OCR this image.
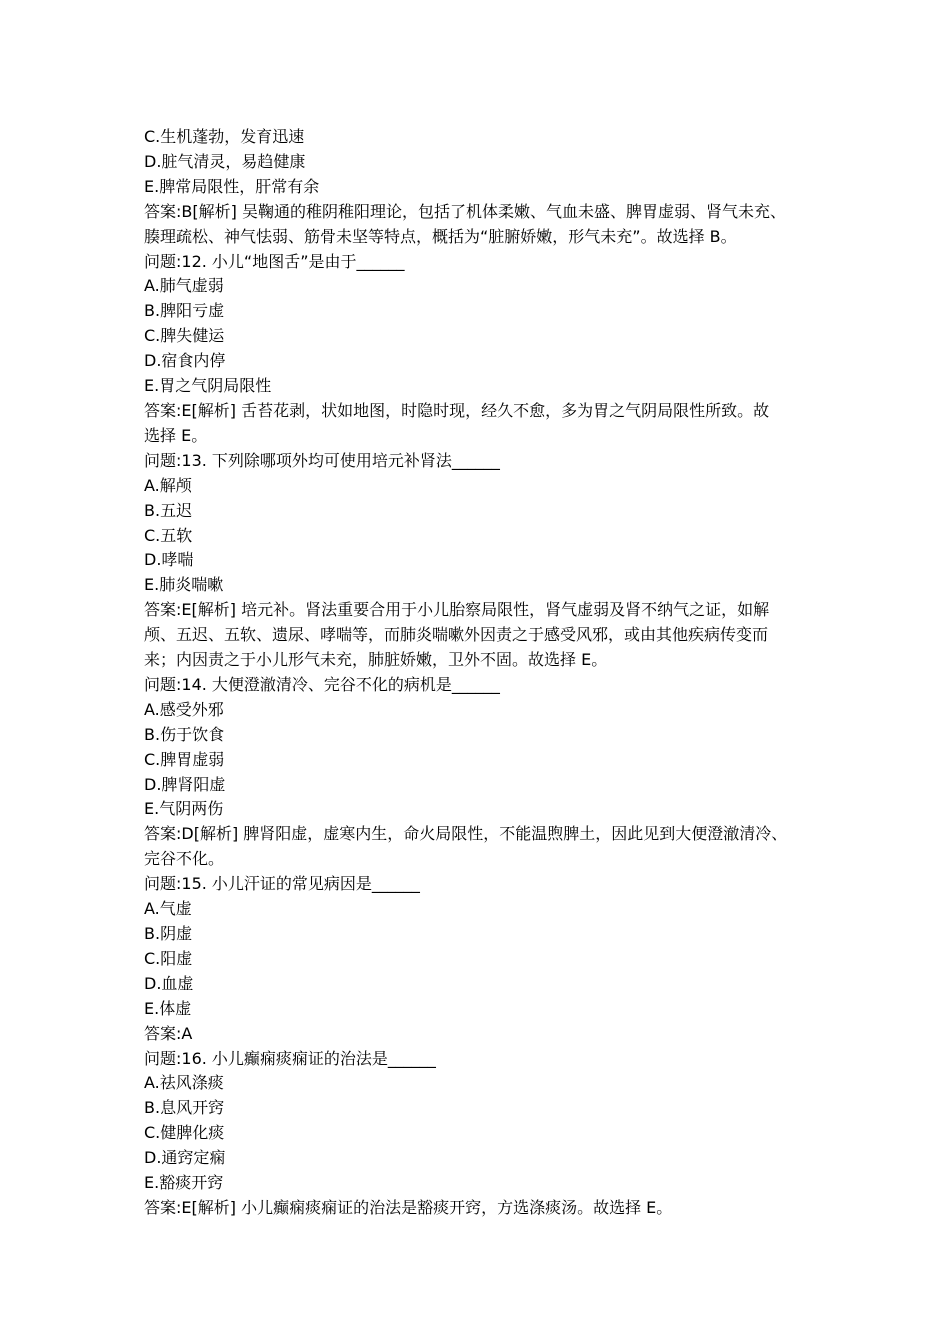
C.生机蓬勃，发育迅速
D.脏气清灵，易趋健康
E.脾常局限性，肝常有余
答案:B[解析] 吴鞠通的稚阴稚阳理论，包括了机体柔嫩、气血未盛、脾胃虚弱、肾气未充、
腠理疏松、神气怯弱、筋骨未坚等特点，概括为“脏腑娇嫩，形气未充”。故选择 B。
问题:12. 小儿“地图舌”是由于______
A.肺气虚弱
B.脾阳亏虚
C.脾失健运
D.宿食内停
E.胃之气阴局限性
答案:E[解析] 舌苔花剥，状如地图，时隐时现，经久不愈，多为胃之气阴局限性所致。故
选择 E。
问题:13. 下列除哪项外均可使用培元补肾法______
A.解颅
B.五迟
C.五软
D.哮喘
E.肺炎喘嗽
答案:E[解析] 培元补。肾法重要合用于小儿胎察局限性，肾气虚弱及肾不纳气之证，如解
颅、五迟、五软、遗尿、哮喘等，而肺炎喘嗽外因责之于感受风邪，或由其他疾病传变而
来；内因责之于小儿形气未充，肺脏娇嫩，卫外不固。故选择 E。
问题:14. 大便澄澈清冷、完谷不化的病机是______
A.感受外邪
B.伤于饮食
C.脾胃虚弱
D.脾肾阳虚
E.气阴两伤
答案:D[解析] 脾肾阳虚，虚寒内生，命火局限性，不能温煦脾土，因此见到大便澄澈清冷、
完谷不化。
问题:15. 小儿汗证的常见病因是______
A.气虚
B.阴虚
C.阳虚
D.血虚
E.体虚
答案:A
问题:16. 小儿癫痫痰痫证的治法是______
A.祛风涤痰
B.息风开窍
C.健脾化痰
D.通窍定痫
E.豁痰开窍
答案:E[解析] 小儿癫痫痰痫证的治法是豁痰开窍，方选涤痰汤。故选择 E。
